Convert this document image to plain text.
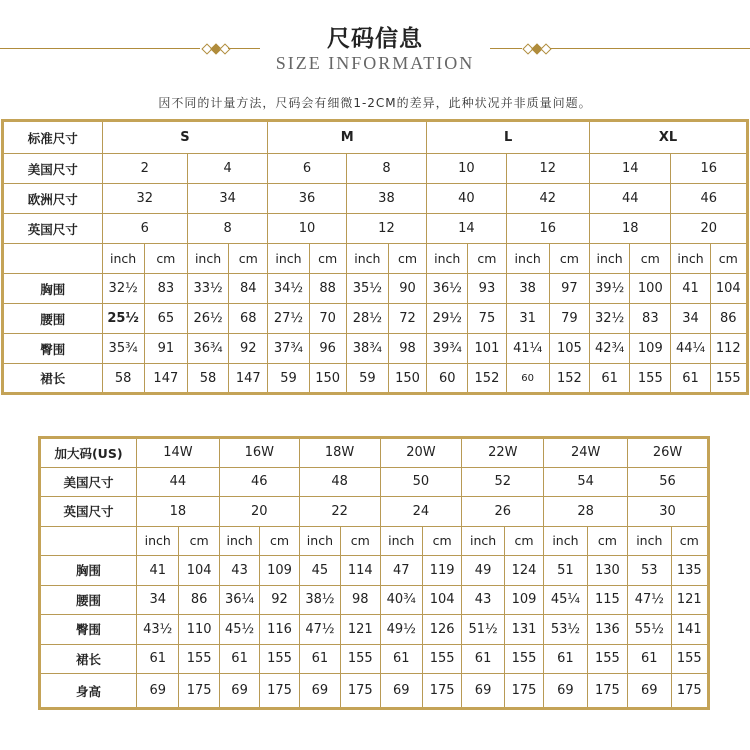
尺码信息
SIZE INFORMATION
因不同的计量方法，尺码会有细微1-2CM的差异，此种状况并非质量问题。
标准尺寸	S				M				L				XL			
美国尺寸	2		4		6		8		10		12		14		16	
欧洲尺寸	32		34		36		38		40		42		44		46	
英国尺寸	6		8		10		12		14		16		18		20	
	inch	cm	inch	cm	inch	cm	inch	cm	inch	cm	inch	cm	inch	cm	inch	cm
胸围	32½	83	33½	84	34½	88	35½	90	36½	93	38	97	39½	100	41	104
腰围	25½	65	26½	68	27½	70	28½	72	29½	75	31	79	32½	83	34	86
臀围	35¾	91	36¾	92	37¾	96	38¾	98	39¾	101	41¼	105	42¾	109	44¼	112
裙长	58	147	58	147	59	150	59	150	60	152	60	152	61	155	61	155
加大码(US)	14W		16W		18W		20W		22W		24W		26W	
美国尺寸	44		46		48		50		52		54		56	
英国尺寸	18		20		22		24		26		28		30	
	inch	cm	inch	cm	inch	cm	inch	cm	inch	cm	inch	cm	inch	cm
胸围	41	104	43	109	45	114	47	119	49	124	51	130	53	135
腰围	34	86	36¼	92	38½	98	40¾	104	43	109	45¼	115	47½	121
臀围	43½	110	45½	116	47½	121	49½	126	51½	131	53½	136	55½	141
裙长	61	155	61	155	61	155	61	155	61	155	61	155	61	155
身高	69	175	69	175	69	175	69	175	69	175	69	175	69	175
